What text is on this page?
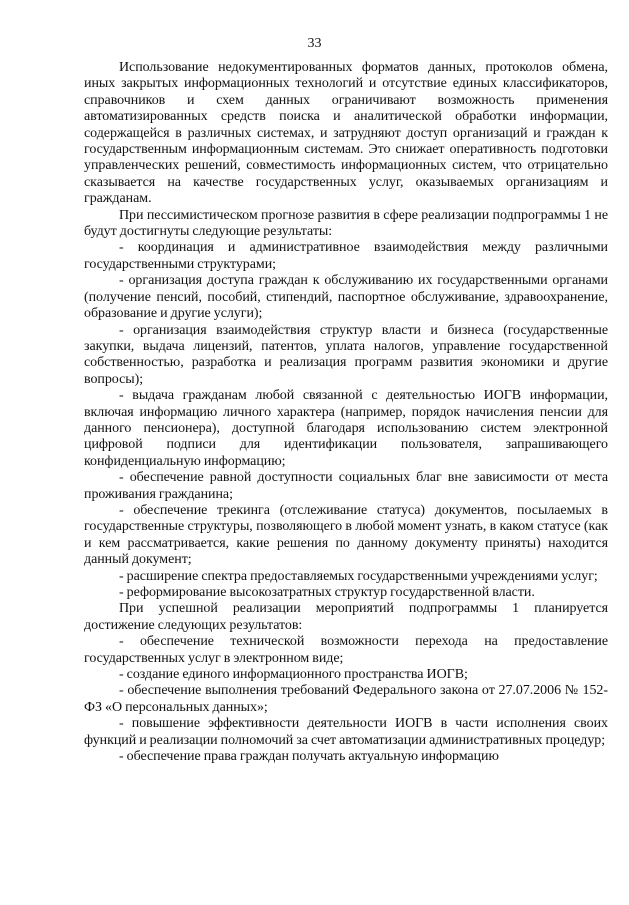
33

Использование недокументированных форматов данных, протоколов обмена, иных закрытых информационных технологий и отсутствие единых классификаторов, справочников и схем данных ограничивают возможность применения автоматизированных средств поиска и аналитической обработки информации, содержащейся в различных системах, и затрудняют доступ организаций и граждан к государственным информационным системам. Это снижает оперативность подготовки управленческих решений, совместимость информационных систем, что отрицательно сказывается на качестве государственных услуг, оказываемых организациям и гражданам.

При пессимистическом прогнозе развития в сфере реализации подпрограммы 1 не будут достигнуты следующие результаты:

- координация и административное взаимодействия между различными государственными структурами;

- организация доступа граждан к обслуживанию их государственными органами (получение пенсий, пособий, стипендий, паспортное обслуживание, здравоохранение, образование и другие услуги);

- организация взаимодействия структур власти и бизнеса (государственные закупки, выдача лицензий, патентов, уплата налогов, управление государственной собственностью, разработка и реализация программ развития экономики и другие вопросы);

- выдача гражданам любой связанной с деятельностью ИОГВ информации, включая информацию личного характера (например, порядок начисления пенсии для данного пенсионера), доступной благодаря использованию систем электронной цифровой подписи для идентификации пользователя, запрашивающего конфиденциальную информацию;

- обеспечение равной доступности социальных благ вне зависимости от места проживания гражданина;

- обеспечение трекинга (отслеживание статуса) документов, посылаемых в государственные структуры, позволяющего в любой момент узнать, в каком статусе (как и кем рассматривается, какие решения по данному документу приняты) находится данный документ;

- расширение спектра предоставляемых государственными учреждениями услуг;

- реформирование высокозатратных структур государственной власти.

При успешной реализации мероприятий подпрограммы 1 планируется достижение следующих результатов:

- обеспечение технической возможности перехода на предоставление государственных услуг в электронном виде;

- создание единого информационного пространства ИОГВ;

- обеспечение выполнения требований Федерального закона от 27.07.2006 № 152-ФЗ «О персональных данных»;

- повышение эффективности деятельности ИОГВ в части исполнения своих функций и реализации полномочий за счет автоматизации административных процедур;

- обеспечение права граждан получать актуальную информацию
